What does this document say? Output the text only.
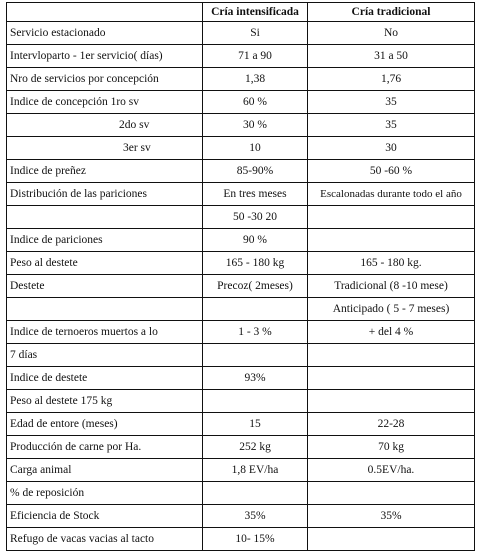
	Cría intensificada	Cría tradicional
Servicio estacionado	Si	No
Intervloparto - 1er servicio( días)	71 a 90	31 a 50
Nro de servicios por concepción	1,38	1,76
Indice de concepción 1ro sv	60 %	35
2do sv	30 %	35
3er sv	10	30
Indice de preñez	85-90%	50 -60 %
Distribución de las pariciones	En tres meses	Escalonadas durante todo el año
	50 -30 20	
Indice de pariciones	90 %	
Peso al destete	165 - 180 kg	165 - 180 kg.
Destete	Precoz( 2meses)	Tradicional (8 -10 mese)
		Anticipado ( 5 - 7 meses)
Indice de ternoeros muertos a lo	1 - 3 %	+ del 4 %
7 días		
Indice de destete	93%	
Peso al destete 175 kg		
Edad de entore (meses)	15	22-28
Producción de carne por Ha.	252 kg	70 kg
Carga animal	1,8 EV/ha	0.5EV/ha.
% de reposición		
Eficiencia de Stock	35%	35%
Refugo de vacas vacias al tacto	10- 15%	
